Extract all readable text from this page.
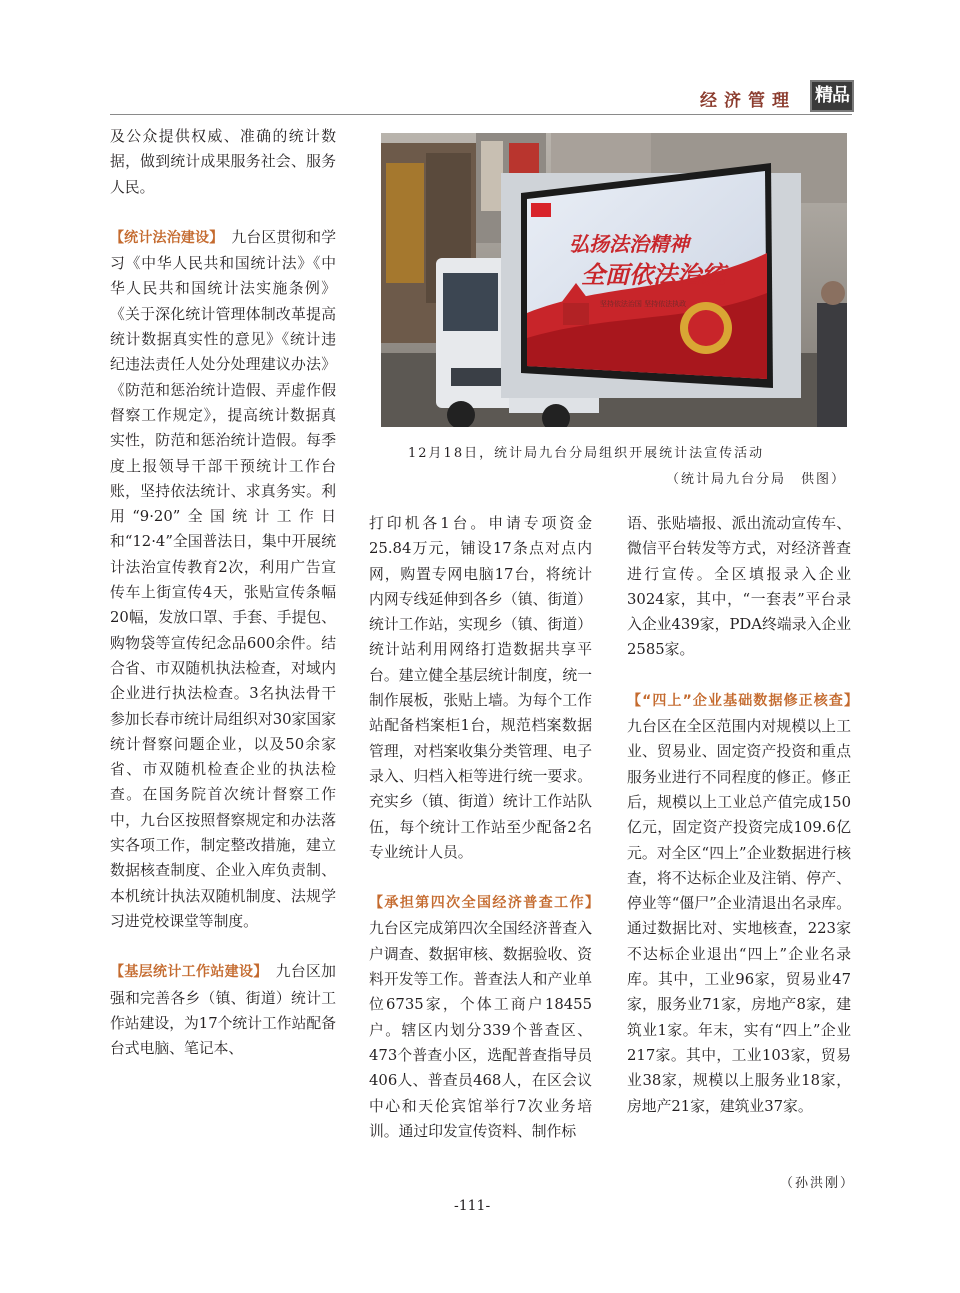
经济管理 精品
弘扬法治精神
全面依法治统
坚持依法治国 坚持依法执政
12月18日，统计局九台分局组织开展统计法宣传活动
（统计局九台分局　供图）

及公众提供权威、准确的统计数据，做到统计成果服务社会、服务人民。

【统计法治建设】　 九台区贯彻和学习《中华人民共和国统计法》《中华人民共和国统计法实施条例》《关于深化统计管理体制改革提高统计数据真实性的意见》《统计违纪违法责任人处分处理建议办法》《防范和惩治统计造假、弄虚作假督察工作规定》，提高统计数据真实性，防范和惩治统计造假。每季度上报领导干部干预统计工作台账，坚持依法统计、求真务实。利用“9·20”全国统计工作日和“12·4”全国普法日，集中开展统计法治宣传教育2次，利用广告宣传车上街宣传4天，张贴宣传条幅20幅，发放口罩、手套、手提包、购物袋等宣传纪念品600余件。结合省、市双随机执法检查，对域内企业进行执法检查。3名执法骨干参加长春市统计局组织对30家国家统计督察问题企业，以及50余家省、市双随机检查企业的执法检查。在国务院首次统计督察工作中，九台区按照督察规定和办法落实各项工作，制定整改措施，建立数据核查制度、企业入库负责制、本机统计执法双随机制度、法规学习进党校课堂等制度。

【基层统计工作站建设】　 九台区加强和完善各乡（镇、街道）统计工作站建设，为17个统计工作站配备台式电脑、笔记本、

打印机各1台。申请专项资金25.84万元，铺设17条点对点内网，购置专网电脑17台，将统计内网专线延伸到各乡（镇、街道）统计工作站，实现乡（镇、街道）统计站利用网络打造数据共享平台。建立健全基层统计制度，统一制作展板，张贴上墙。为每个工作站配备档案柜1台，规范档案数据管理，对档案收集分类管理、电子录入、归档入柜等进行统一要求。充实乡（镇、街道）统计工作站队伍，每个统计工作站至少配备2名专业统计人员。

【承担第四次全国经济普查工作】　九台区完成第四次全国经济普查入户调查、数据审核、数据验收、资料开发等工作。普查法人和产业单位6735家，个体工商户18455户。辖区内划分339个普查区、473个普查小区，选配普查指导员406人、普查员468人，在区会议中心和天伦宾馆举行7次业务培训。通过印发宣传资料、制作标

语、张贴墙报、派出流动宣传车、微信平台转发等方式，对经济普查进行宣传。全区填报录入企业3024家，其中，“一套表”平台录入企业439家，PDA终端录入企业2585家。

【“四上”企业基础数据修正核查】　九台区在全区范围内对规模以上工业、贸易业、固定资产投资和重点服务业进行不同程度的修正。修正后，规模以上工业总产值完成150亿元，固定资产投资完成109.6亿元。对全区“四上”企业数据进行核查，将不达标企业及注销、停产、停业等“僵尸”企业清退出名录库。通过数据比对、实地核查，223家不达标企业退出“四上”企业名录库。其中，工业96家，贸易业47家，服务业71家，房地产8家，建筑业1家。年末，实有“四上”企业217家。其中，工业103家，贸易业38家，规模以上服务业18家，房地产21家，建筑业37家。

（孙洪刚）
-111-
